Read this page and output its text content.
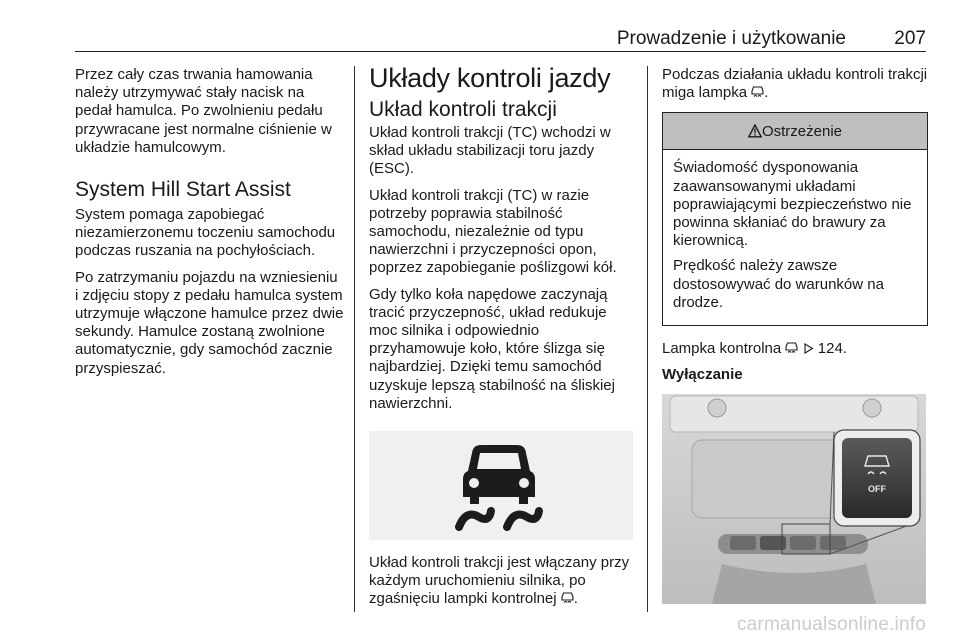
Prowadzenie i użytkowanie	207

Przez cały czas trwania hamowania należy utrzymywać stały nacisk na pedał hamulca. Po zwolnieniu pedału przywracane jest normalne ciśnienie w układzie hamulcowym.

System Hill Start Assist

System pomaga zapobiegać niezamierzonemu toczeniu samochodu podczas ruszania na pochyłościach.

Po zatrzymaniu pojazdu na wzniesieniu i zdjęciu stopy z pedału hamulca system utrzymuje włączone hamulce przez dwie sekundy. Hamulce zostaną zwolnione automatycznie, gdy samochód zacznie przyspieszać.

Układy kontroli jazdy
Układ kontroli trakcji

Układ kontroli trakcji (TC) wchodzi w skład układu stabilizacji toru jazdy (ESC).

Układ kontroli trakcji (TC) w razie potrzeby poprawia stabilność samochodu, niezależnie od typu nawierzchni i przyczepności opon, poprzez zapobieganie poślizgowi kół.

Gdy tylko koła napędowe zaczynają tracić przyczepność, układ redukuje moc silnika i odpowiednio przyhamowuje koło, które ślizga się najbardziej. Dzięki temu samochód uzyskuje lepszą stabilność na śliskiej nawierzchni.

Układ kontroli trakcji jest włączany przy każdym uruchomieniu silnika, po zgaśnięciu lampki kontrolnej .

Podczas działania układu kontroli trakcji miga lampka .

Ostrzeżenie

Świadomość dysponowania zaawansowanymi układami poprawiającymi bezpieczeństwo nie powinna skłaniać do brawury za kierownicą.

Prędkość należy zawsze dostosowywać do warunków na drodze.

Lampka kontrolna 124.

Wyłączanie
OFF
carmanualsonline.info
